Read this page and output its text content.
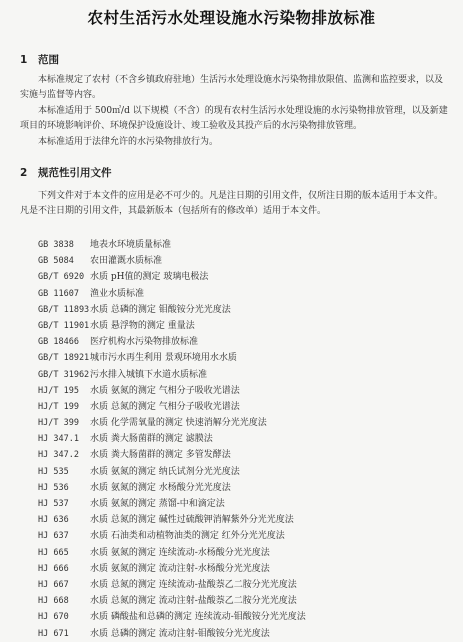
农村生活污水处理设施水污染物排放标准
1 范围
本标准规定了农村（不含乡镇政府驻地）生活污水处理设施水污染物排放限值、监测和监控要求，以及实施与监督等内容。
本标准适用于 500㎥/d 以下规模（不含）的现有农村生活污水处理设施的水污染物排放管理，以及新建项目的环境影响评价、环境保护设施设计、竣工验收及其投产后的水污染物排放管理。
本标准适用于法律允许的水污染物排放行为。
2 规范性引用文件
下列文件对于本文件的应用是必不可少的。凡是注日期的引用文件，仅所注日期的版本适用于本文件。凡是不注日期的引用文件，其最新版本（包括所有的修改单）适用于本文件。
GB 3838 地表水环境质量标准
GB 5084 农田灌溉水质标准
GB/T 6920 水质 pH值的测定 玻璃电极法
GB 11607 渔业水质标准
GB/T 11893水质 总磷的测定 钼酸铵分光光度法
GB/T 11901水质 悬浮物的测定 重量法
GB 18466 医疗机构水污染物排放标准
GB/T 18921城市污水再生利用 景观环境用水水质
GB/T 31962污水排入城镇下水道水质标准
HJ/T 195 水质 氨氮的测定 气相分子吸收光谱法
HJ/T 199 水质 总氮的测定 气相分子吸收光谱法
HJ/T 399 水质 化学需氧量的测定 快速消解分光光度法
HJ 347.1 水质 粪大肠菌群的测定 滤膜法
HJ 347.2 水质 粪大肠菌群的测定 多管发酵法
HJ 535 水质 氨氮的测定 纳氏试剂分光光度法
HJ 536 水质 氨氮的测定 水杨酸分光光度法
HJ 537 水质 氨氮的测定 蒸馏-中和滴定法
HJ 636 水质 总氮的测定 碱性过硫酸钾消解紫外分光光度法
HJ 637 水质 石油类和动植物油类的测定 红外分光光度法
HJ 665 水质 氨氮的测定 连续流动-水杨酸分光光度法
HJ 666 水质 氨氮的测定 流动注射-水杨酸分光光度法
HJ 667 水质 总氮的测定 连续流动-盐酸萘乙二胺分光光度法
HJ 668 水质 总氮的测定 流动注射-盐酸萘乙二胺分光光度法
HJ 670 水质 磷酸盐和总磷的测定 连续流动-钼酸铵分光光度法
HJ 671 水质 总磷的测定 流动注射-钼酸铵分光光度法
